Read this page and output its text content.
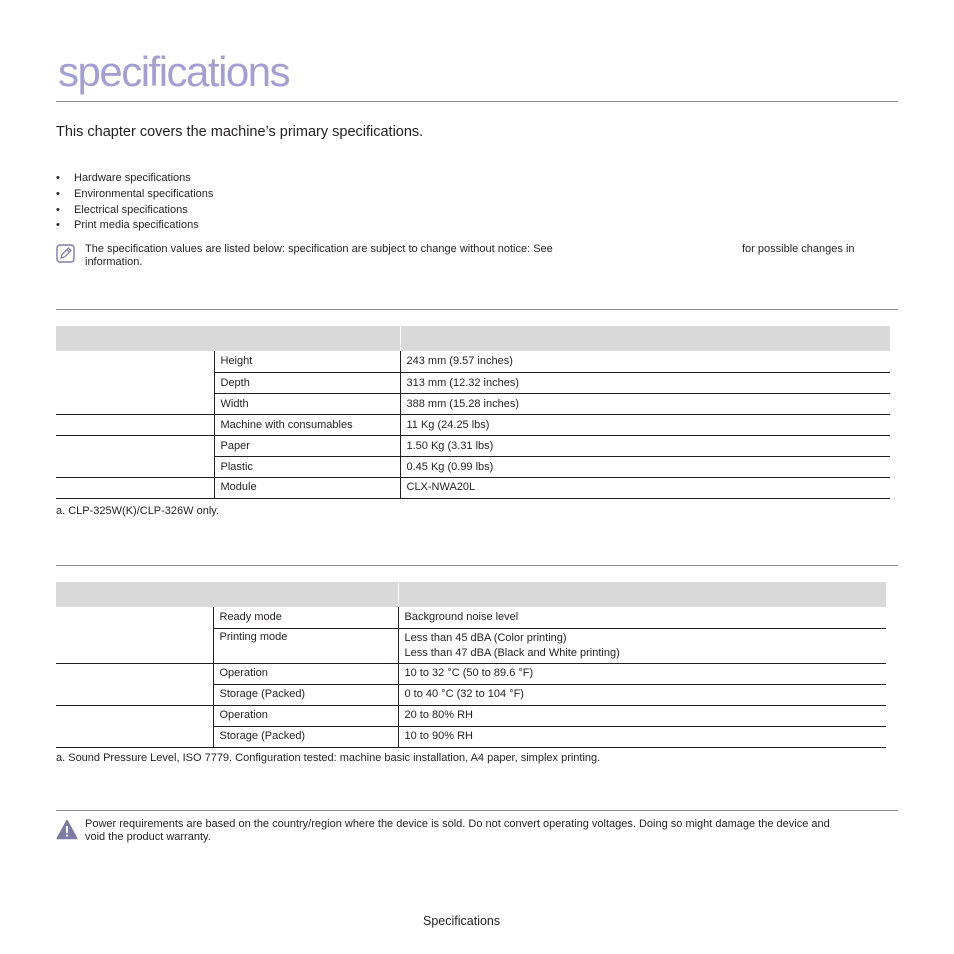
specifications
This chapter covers the machine’s primary specifications.
• Hardware specifications
• Environmental specifications
• Electrical specifications
• Print media specifications
The specification values are listed below: specification are subject to change without notice: See	for possible changes in
information.

	Height	243 mm (9.57 inches)
	Depth	313 mm (12.32 inches)
	Width	388 mm (15.28 inches)
	Machine with consumables	11 Kg (24.25 lbs)
	Paper	1.50 Kg (3.31 lbs)
	Plastic	0.45 Kg (0.99 lbs)
	Module	CLX-NWA20L
a. CLP-325W(K)/CLP-326W only.

	Ready mode	Background noise level
	Printing mode	Less than 45 dBA (Color printing)
Less than 47 dBA (Black and White printing)

	Operation	10 to 32 °C (50 to 89.6 °F)
	Storage (Packed)	0 to 40 °C (32 to 104 °F)
	Operation	20 to 80% RH
	Storage (Packed)	10 to 90% RH
a. Sound Pressure Level, ISO 7779. Configuration tested: machine basic installation, A4 paper, simplex printing.
Power requirements are based on the country/region where the device is sold. Do not convert operating voltages. Doing so might damage the device and
void the product warranty.
Specifications
